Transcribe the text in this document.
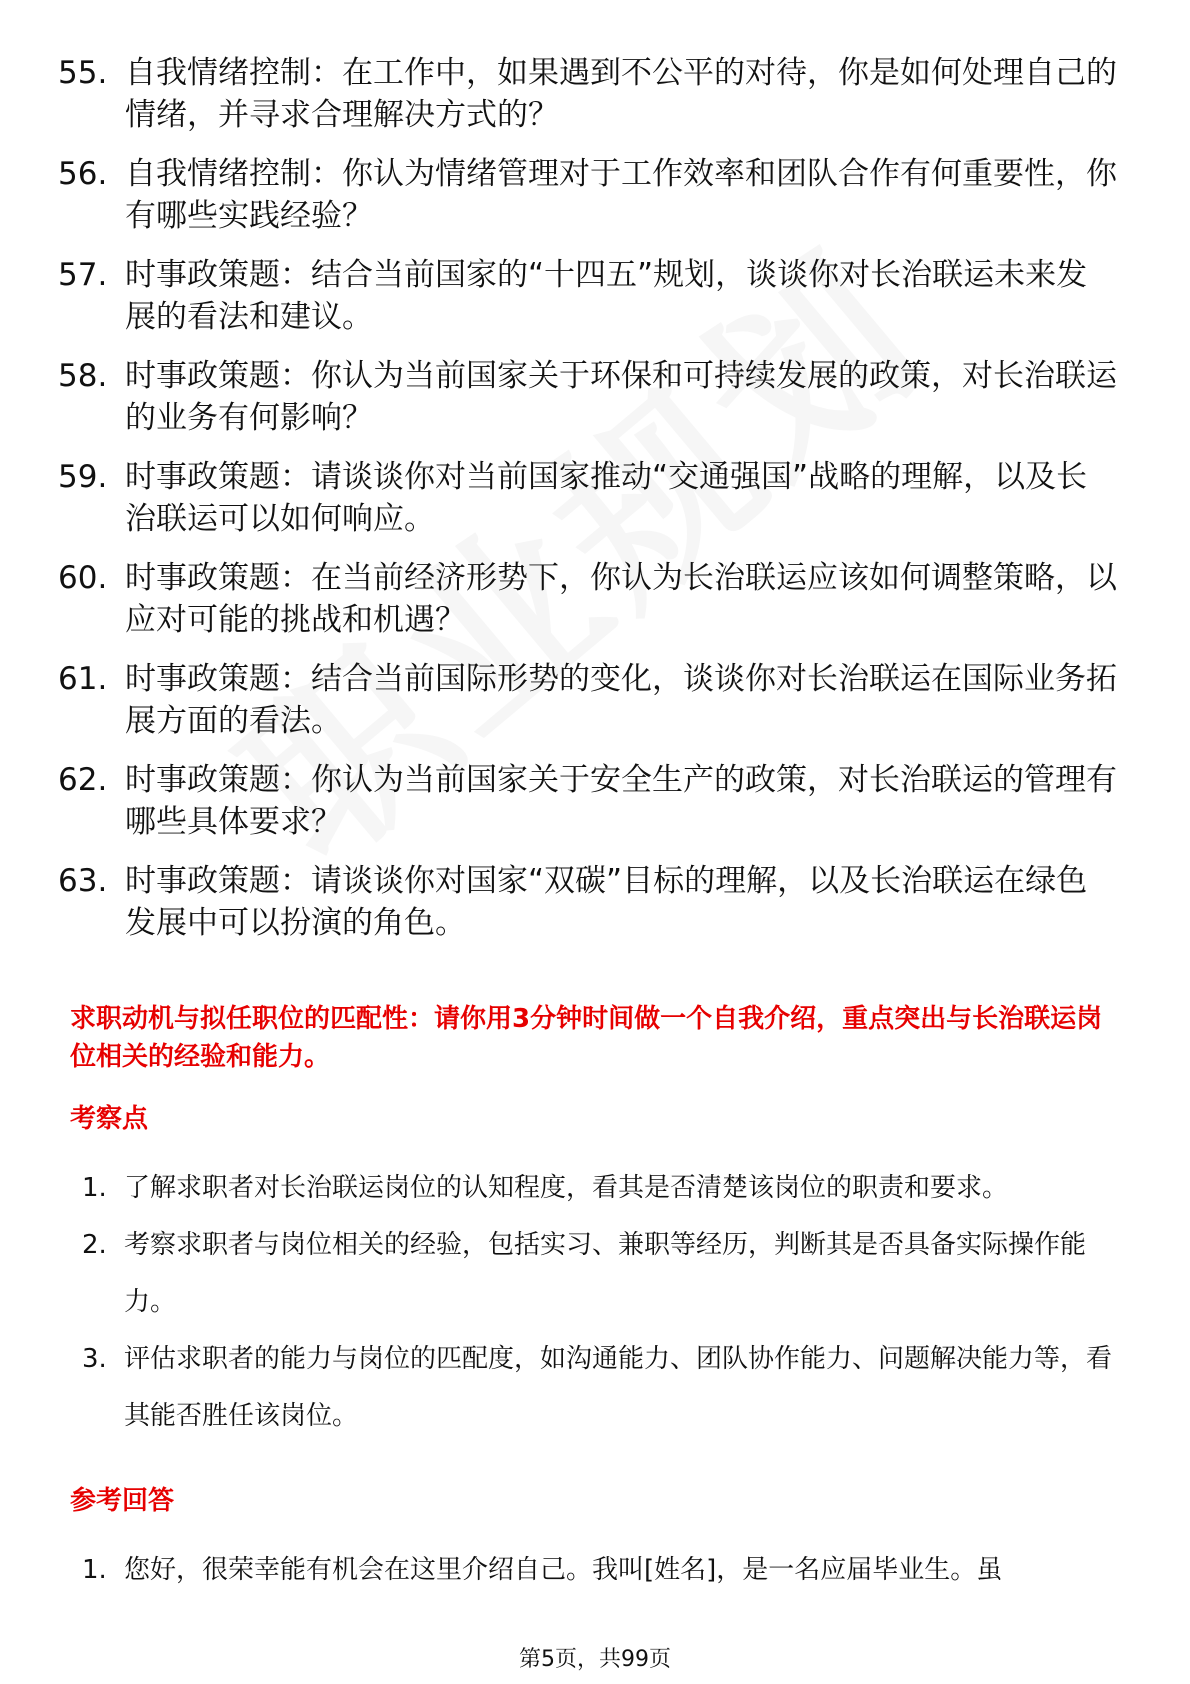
55. 自我情绪控制：在工作中，如果遇到不公平的对待，你是如何处理自己的情绪，并寻求合理解决方式的？
56. 自我情绪控制：你认为情绪管理对于工作效率和团队合作有何重要性，你有哪些实践经验？
57. 时事政策题：结合当前国家的“十四五”规划，谈谈你对长治联运未来发展的看法和建议。
58. 时事政策题：你认为当前国家关于环保和可持续发展的政策，对长治联运的业务有何影响？
59. 时事政策题：请谈谈你对当前国家推动“交通强国”战略的理解，以及长治联运可以如何响应。
60. 时事政策题：在当前经济形势下，你认为长治联运应该如何调整策略，以应对可能的挑战和机遇？
61. 时事政策题：结合当前国际形势的变化，谈谈你对长治联运在国际业务拓展方面的看法。
62. 时事政策题：你认为当前国家关于安全生产的政策，对长治联运的管理有哪些具体要求？
63. 时事政策题：请谈谈你对国家“双碳”目标的理解，以及长治联运在绿色发展中可以扮演的角色。
求职动机与拟任职位的匹配性：请你用3分钟时间做一个自我介绍，重点突出与长治联运岗位相关的经验和能力。
考察点
1. 了解求职者对长治联运岗位的认知程度，看其是否清楚该岗位的职责和要求。
2. 考察求职者与岗位相关的经验，包括实习、兼职等经历，判断其是否具备实际操作能力。
3. 评估求职者的能力与岗位的匹配度，如沟通能力、团队协作能力、问题解决能力等，看其能否胜任该岗位。
参考回答
1. 您好，很荣幸能有机会在这里介绍自己。我叫[姓名]，是一名应届毕业生。虽
第5页，共99页
